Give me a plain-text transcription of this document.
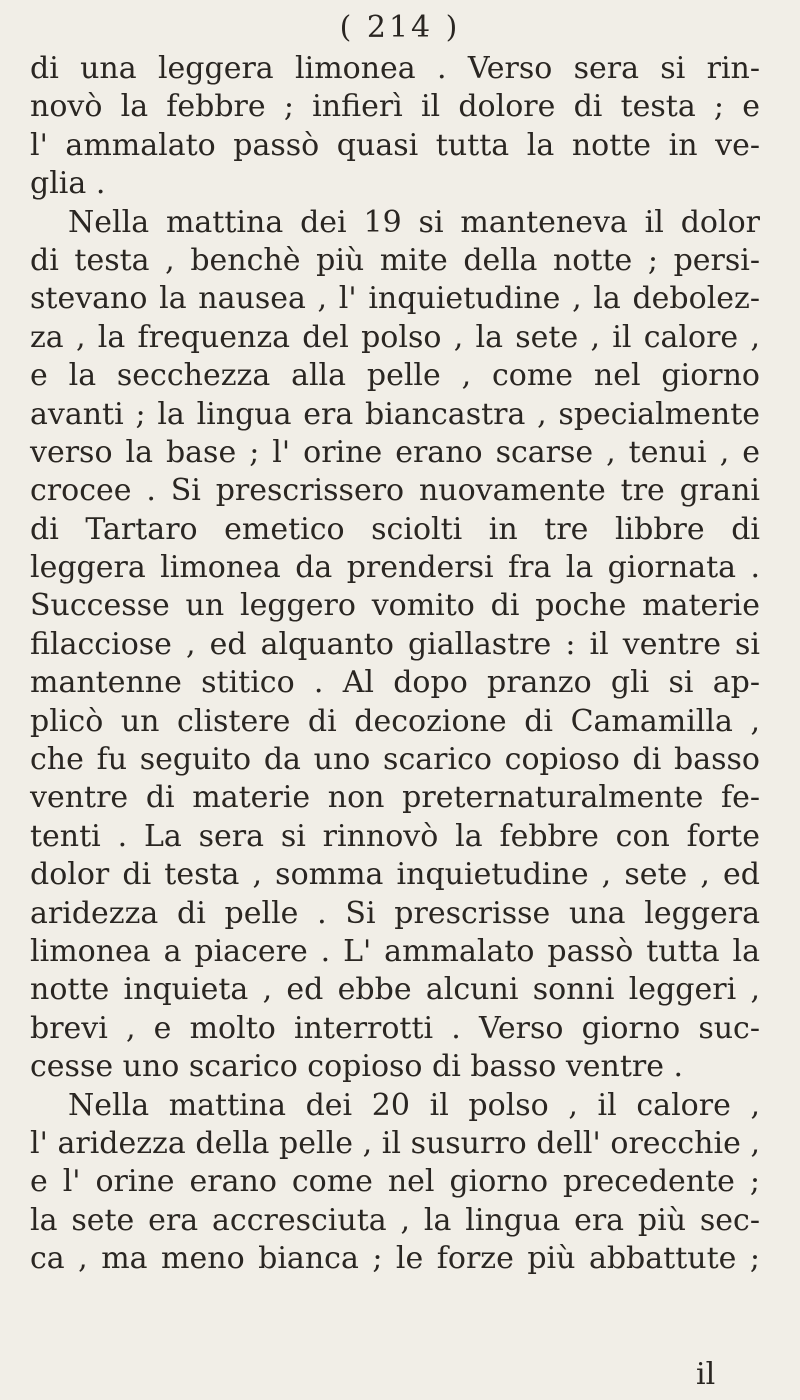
( 214 )
di una leggera limonea . Verso sera si rin-
novò la febbre ; infierì il dolore di testa ; e
l' ammalato passò quasi tutta la notte in ve-
glia .
Nella mattina dei 19 si manteneva il dolor
di testa , benchè più mite della notte ; persi-
stevano la nausea , l' inquietudine , la debolez-
za , la frequenza del polso , la sete , il calore ,
e la secchezza alla pelle , come nel giorno
avanti ; la lingua era biancastra , specialmente
verso la base ; l' orine erano scarse , tenui , e
crocee . Si prescrissero nuovamente tre grani
di Tartaro emetico sciolti in tre libbre di
leggera limonea da prendersi fra la giornata .
Successe un leggero vomito di poche materie
filacciose , ed alquanto giallastre : il ventre si
mantenne stitico . Al dopo pranzo gli si ap-
plicò un clistere di decozione di Camamilla ,
che fu seguito da uno scarico copioso di basso
ventre di materie non preternaturalmente fe-
tenti . La sera si rinnovò la febbre con forte
dolor di testa , somma inquietudine , sete , ed
aridezza di pelle . Si prescrisse una leggera
limonea a piacere . L' ammalato passò tutta la
notte inquieta , ed ebbe alcuni sonni leggeri ,
brevi , e molto interrotti . Verso giorno suc-
cesse uno scarico copioso di basso ventre .
Nella mattina dei 20 il polso , il calore ,
l' aridezza della pelle , il susurro dell' orecchie ,
e l' orine erano come nel giorno precedente ;
la sete era accresciuta , la lingua era più sec-
ca , ma meno bianca ; le forze più abbattute ;
il
